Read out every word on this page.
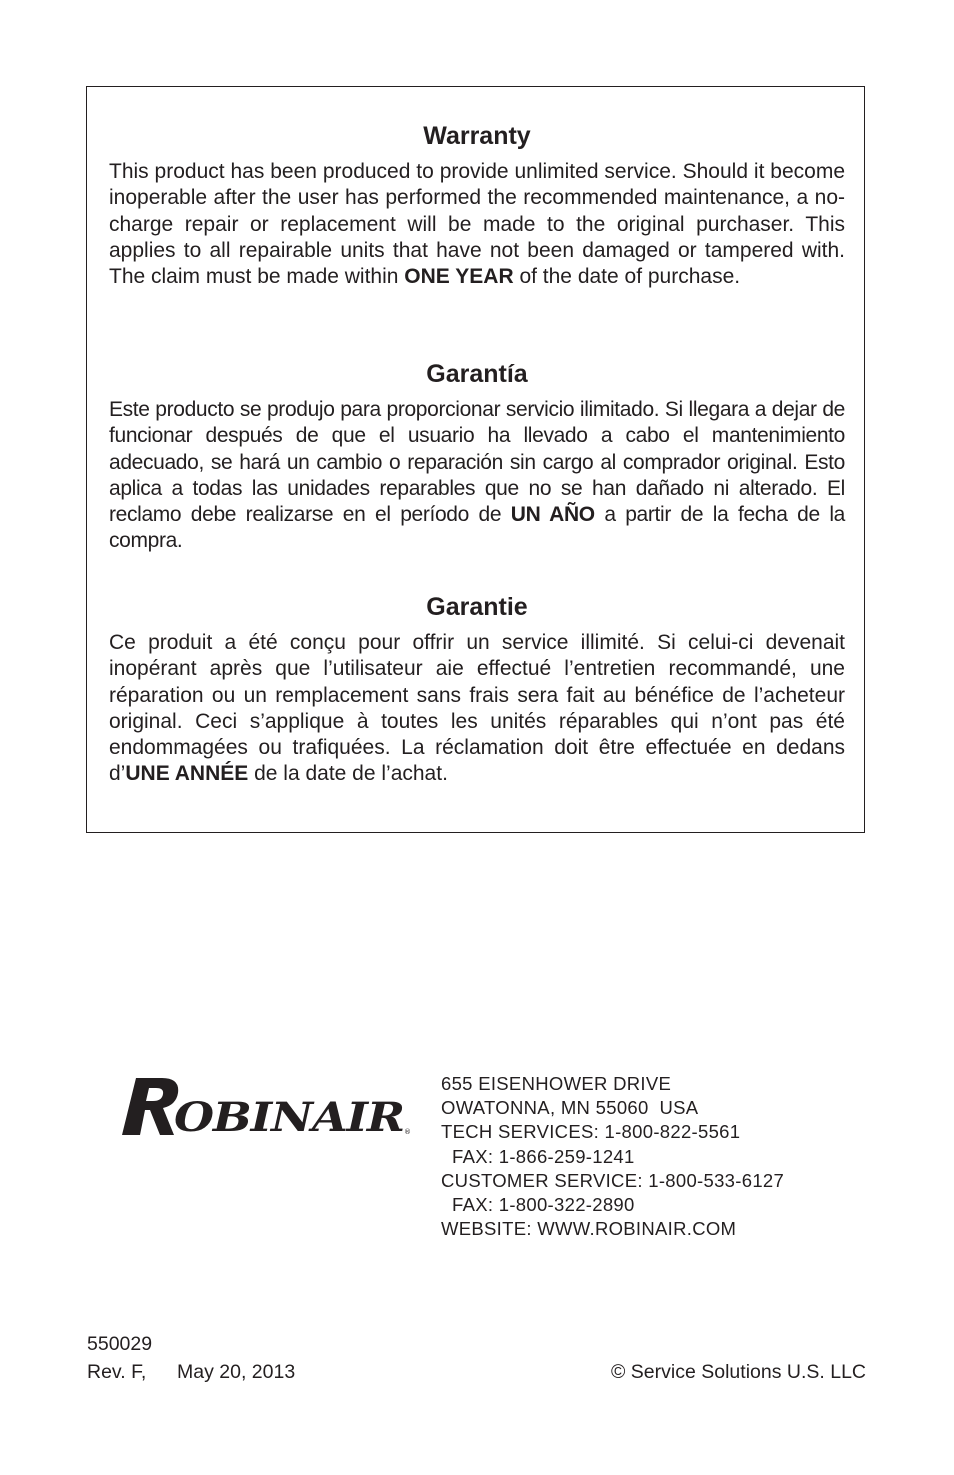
Warranty

This product has been produced to provide unlimited service. Should it become inoperable after the user has performed the recommended maintenance, a no-charge repair or replacement will be made to the original purchaser. This applies to all repairable units that have not been damaged or tampered with. The claim must be made within ONE YEAR of the date of purchase.

Garantía

Este producto se produjo para proporcionar servicio ilimitado. Si llegara a dejar de funcionar después de que el usuario ha llevado a cabo el mantenimiento adecuado, se hará un cambio o reparación sin cargo al comprador original. Esto aplica a todas las unidades reparables que no se han dañado ni alterado. El reclamo debe realizarse en el período de UN AÑO a partir de la fecha de la compra.

Garantie

Ce produit a été conçu pour offrir un service illimité. Si celui-ci devenait inopérant après que l’utilisateur aie effectué l’entretien recommandé, une réparation ou un remplacement sans frais sera fait au bénéfice de l’acheteur original. Ceci s’applique à toutes les unités réparables qui n’ont pas été endommagées ou trafiquées. La réclamation doit être effectuée en dedans d’UNE ANNÉE de la date de l’achat.

OBINAIR ®
655 EISENHOWER DRIVE
OWATONNA, MN 55060  USA
TECH SERVICES: 1-800-822-5561
FAX: 1-866-259-1241
CUSTOMER SERVICE: 1-800-533-6127
FAX: 1-800-322-2890
WEBSITE: WWW.ROBINAIR.COM
550029
Rev. F, May 20, 2013	© Service Solutions U.S. LLC
